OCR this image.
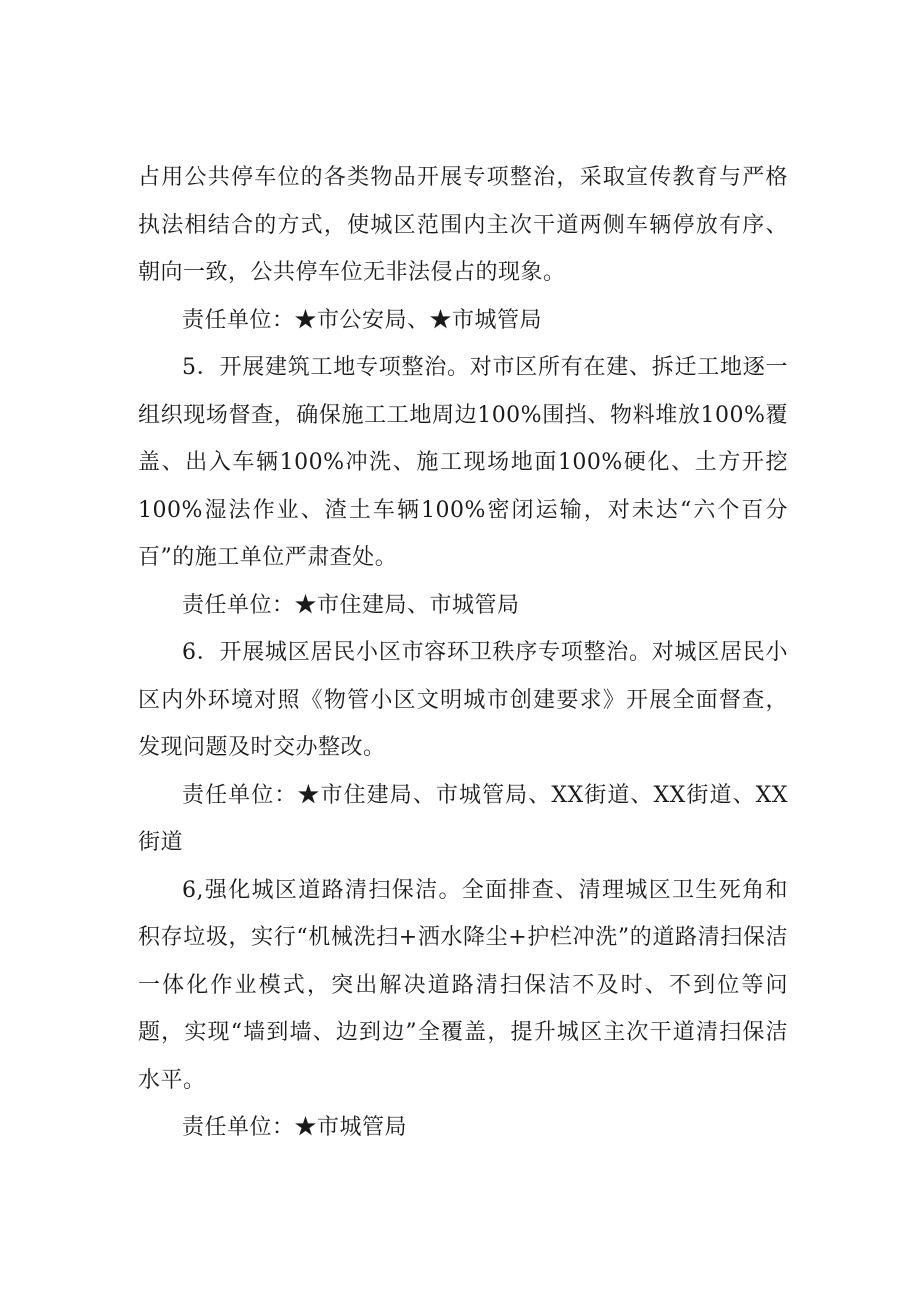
占用公共停车位的各类物品开展专项整治，采取宣传教育与严格执法相结合的方式，使城区范围内主次干道两侧车辆停放有序、朝向一致，公共停车位无非法侵占的现象。

责任单位：★市公安局、★市城管局

5．开展建筑工地专项整治。对市区所有在建、拆迁工地逐一组织现场督查，确保施工工地周边100%围挡、物料堆放100%覆盖、出入车辆100%冲洗、施工现场地面100%硬化、土方开挖100%湿法作业、渣土车辆100%密闭运输，对未达“六个百分百”的施工单位严肃查处。

责任单位：★市住建局、市城管局

6．开展城区居民小区市容环卫秩序专项整治。对城区居民小区内外环境对照《物管小区文明城市创建要求》开展全面督查，发现问题及时交办整改。

责任单位：★市住建局、市城管局、XX街道、XX街道、XX街道

6,强化城区道路清扫保洁。全面排查、清理城区卫生死角和积存垃圾，实行“机械洗扫+洒水降尘+护栏冲洗”的道路清扫保洁一体化作业模式，突出解决道路清扫保洁不及时、不到位等问题，实现“墙到墙、边到边”全覆盖，提升城区主次干道清扫保洁水平。

责任单位：★市城管局
